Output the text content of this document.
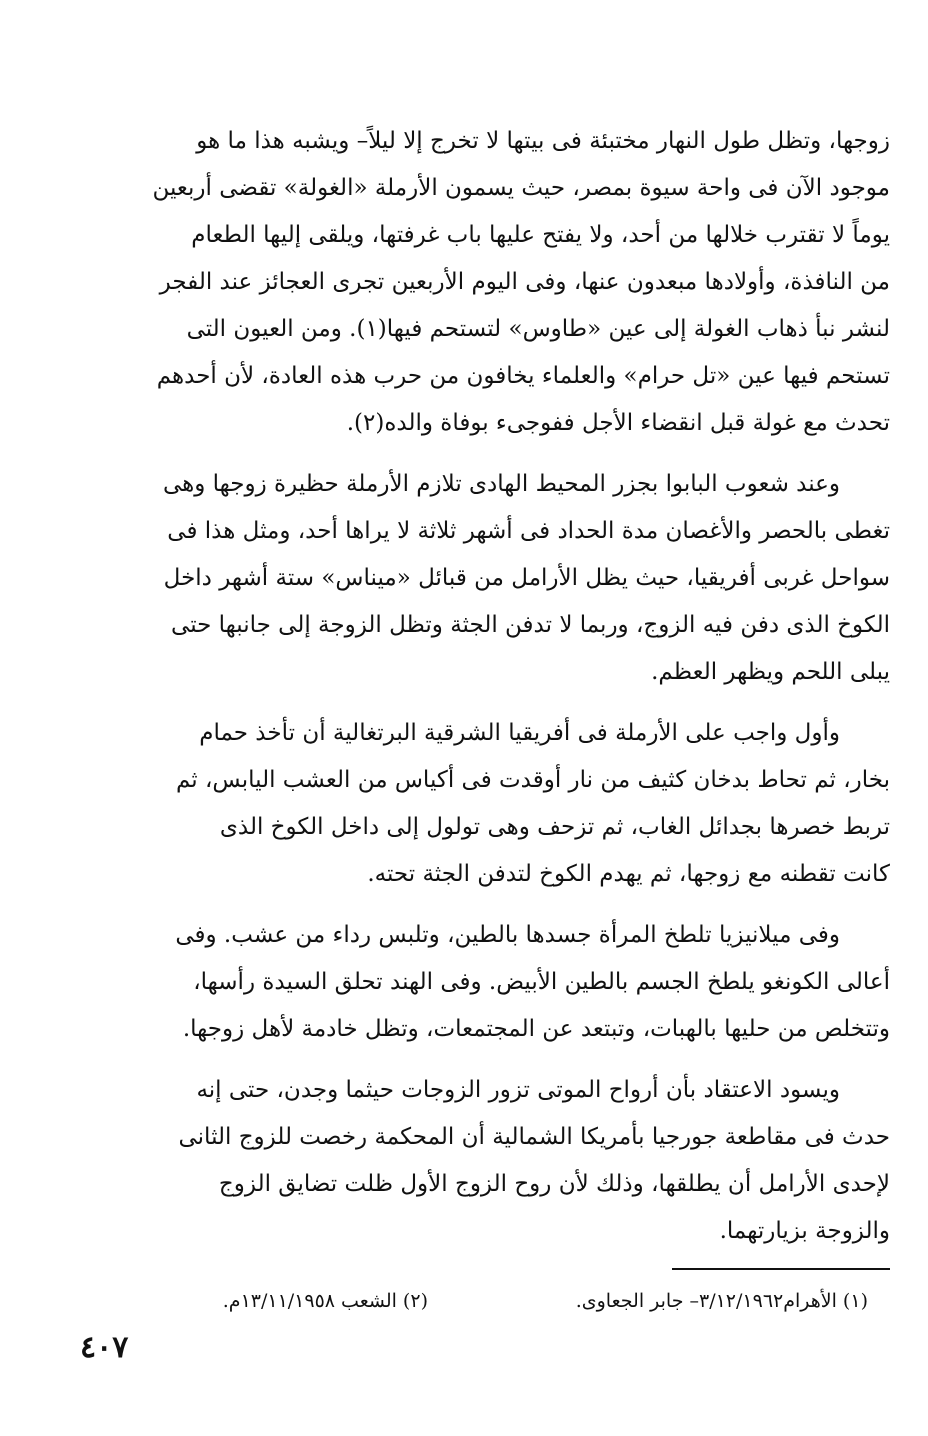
زوجها، وتظل طول النهار مختبئة فى بيتها لا تخرج إلا ليلاً– ويشبه هذا ما هو
موجود الآن فى واحة سيوة بمصر، حيث يسمون الأرملة «الغولة» تقضى أربعين
يوماً لا تقترب خلالها من أحد، ولا يفتح عليها باب غرفتها، ويلقى إليها الطعام
من النافذة، وأولادها مبعدون عنها، وفى اليوم الأربعين تجرى العجائز عند الفجر
لنشر نبأ ذهاب الغولة إلى عين «طاوس» لتستحم فيها(١). ومن العيون التى
تستحم فيها عين «تل حرام» والعلماء يخافون من حرب هذه العادة، لأن أحدهم
تحدث مع غولة قبل انقضاء الأجل ففوجىء بوفاة والده(٢).
وعند شعوب البابوا بجزر المحيط الهادى تلازم الأرملة حظيرة زوجها وهى
تغطى بالحصر والأغصان مدة الحداد فى أشهر ثلاثة لا يراها أحد، ومثل هذا فى
سواحل غربى أفريقيا، حيث يظل الأرامل من قبائل «ميناس» ستة أشهر داخل
الكوخ الذى دفن فيه الزوج، وربما لا تدفن الجثة وتظل الزوجة إلى جانبها حتى
يبلى اللحم ويظهر العظم.
وأول واجب على الأرملة فى أفريقيا الشرقية البرتغالية أن تأخذ حمام
بخار، ثم تحاط بدخان كثيف من نار أوقدت فى أكياس من العشب اليابس، ثم
تربط خصرها بجدائل الغاب، ثم تزحف وهى تولول إلى داخل الكوخ الذى
كانت تقطنه مع زوجها، ثم يهدم الكوخ لتدفن الجثة تحته.
وفى ميلانيزيا تلطخ المرأة جسدها بالطين، وتلبس رداء من عشب. وفى
أعالى الكونغو يلطخ الجسم بالطين الأبيض. وفى الهند تحلق السيدة رأسها،
وتتخلص من حليها بالهبات، وتبتعد عن المجتمعات، وتظل خادمة لأهل زوجها.
ويسود الاعتقاد بأن أرواح الموتى تزور الزوجات حيثما وجدن، حتى إنه
حدث فى مقاطعة جورجيا بأمريكا الشمالية أن المحكمة رخصت للزوج الثانى
لإحدى الأرامل أن يطلقها، وذلك لأن روح الزوج الأول ظلت تضايق الزوج
والزوجة بزيارتهما.
(١) الأهرام٣/١٢/١٩٦٢– جابر الجعاوى.
(٢) الشعب ١٣/١١/١٩٥٨م.
٤٠٧
